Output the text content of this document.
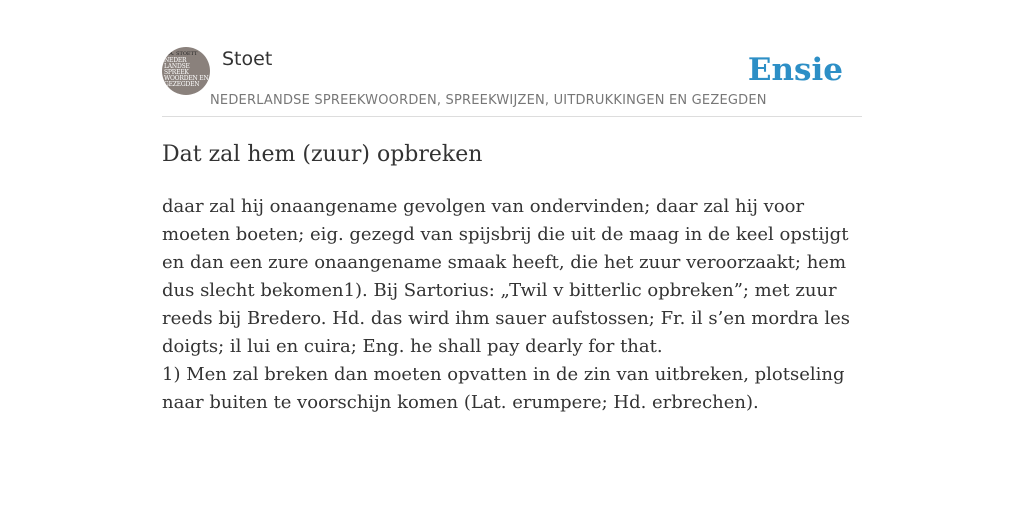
F.A. STOETT
NEDER
LANDSE
SPREEK
WOORDEN EN
GEZEGDEN
Stoet
NEDERLANDSE SPREEKWOORDEN, SPREEKWIJZEN, UITDRUKKINGEN EN GEZEGDEN
Ensie
Dat zal hem (zuur) opbreken

daar zal hij onaangename gevolgen van ondervinden; daar zal hij voor moeten boeten; eig. gezegd van spijsbrij die uit de maag in de keel opstijgt en dan een zure onaangename smaak heeft, die het zuur veroorzaakt; hem dus slecht bekomen1). Bij Sartorius: „Twil v bitterlic opbreken”; met zuur reeds bij Bredero. Hd. das wird ihm sauer aufstossen; Fr. il s’en mordra les doigts; il lui en cuira; Eng. he shall pay dearly for that.

1) Men zal breken dan moeten opvatten in de zin van uitbreken, plotseling naar buiten te voorschijn komen (Lat. erumpere; Hd. erbrechen).
